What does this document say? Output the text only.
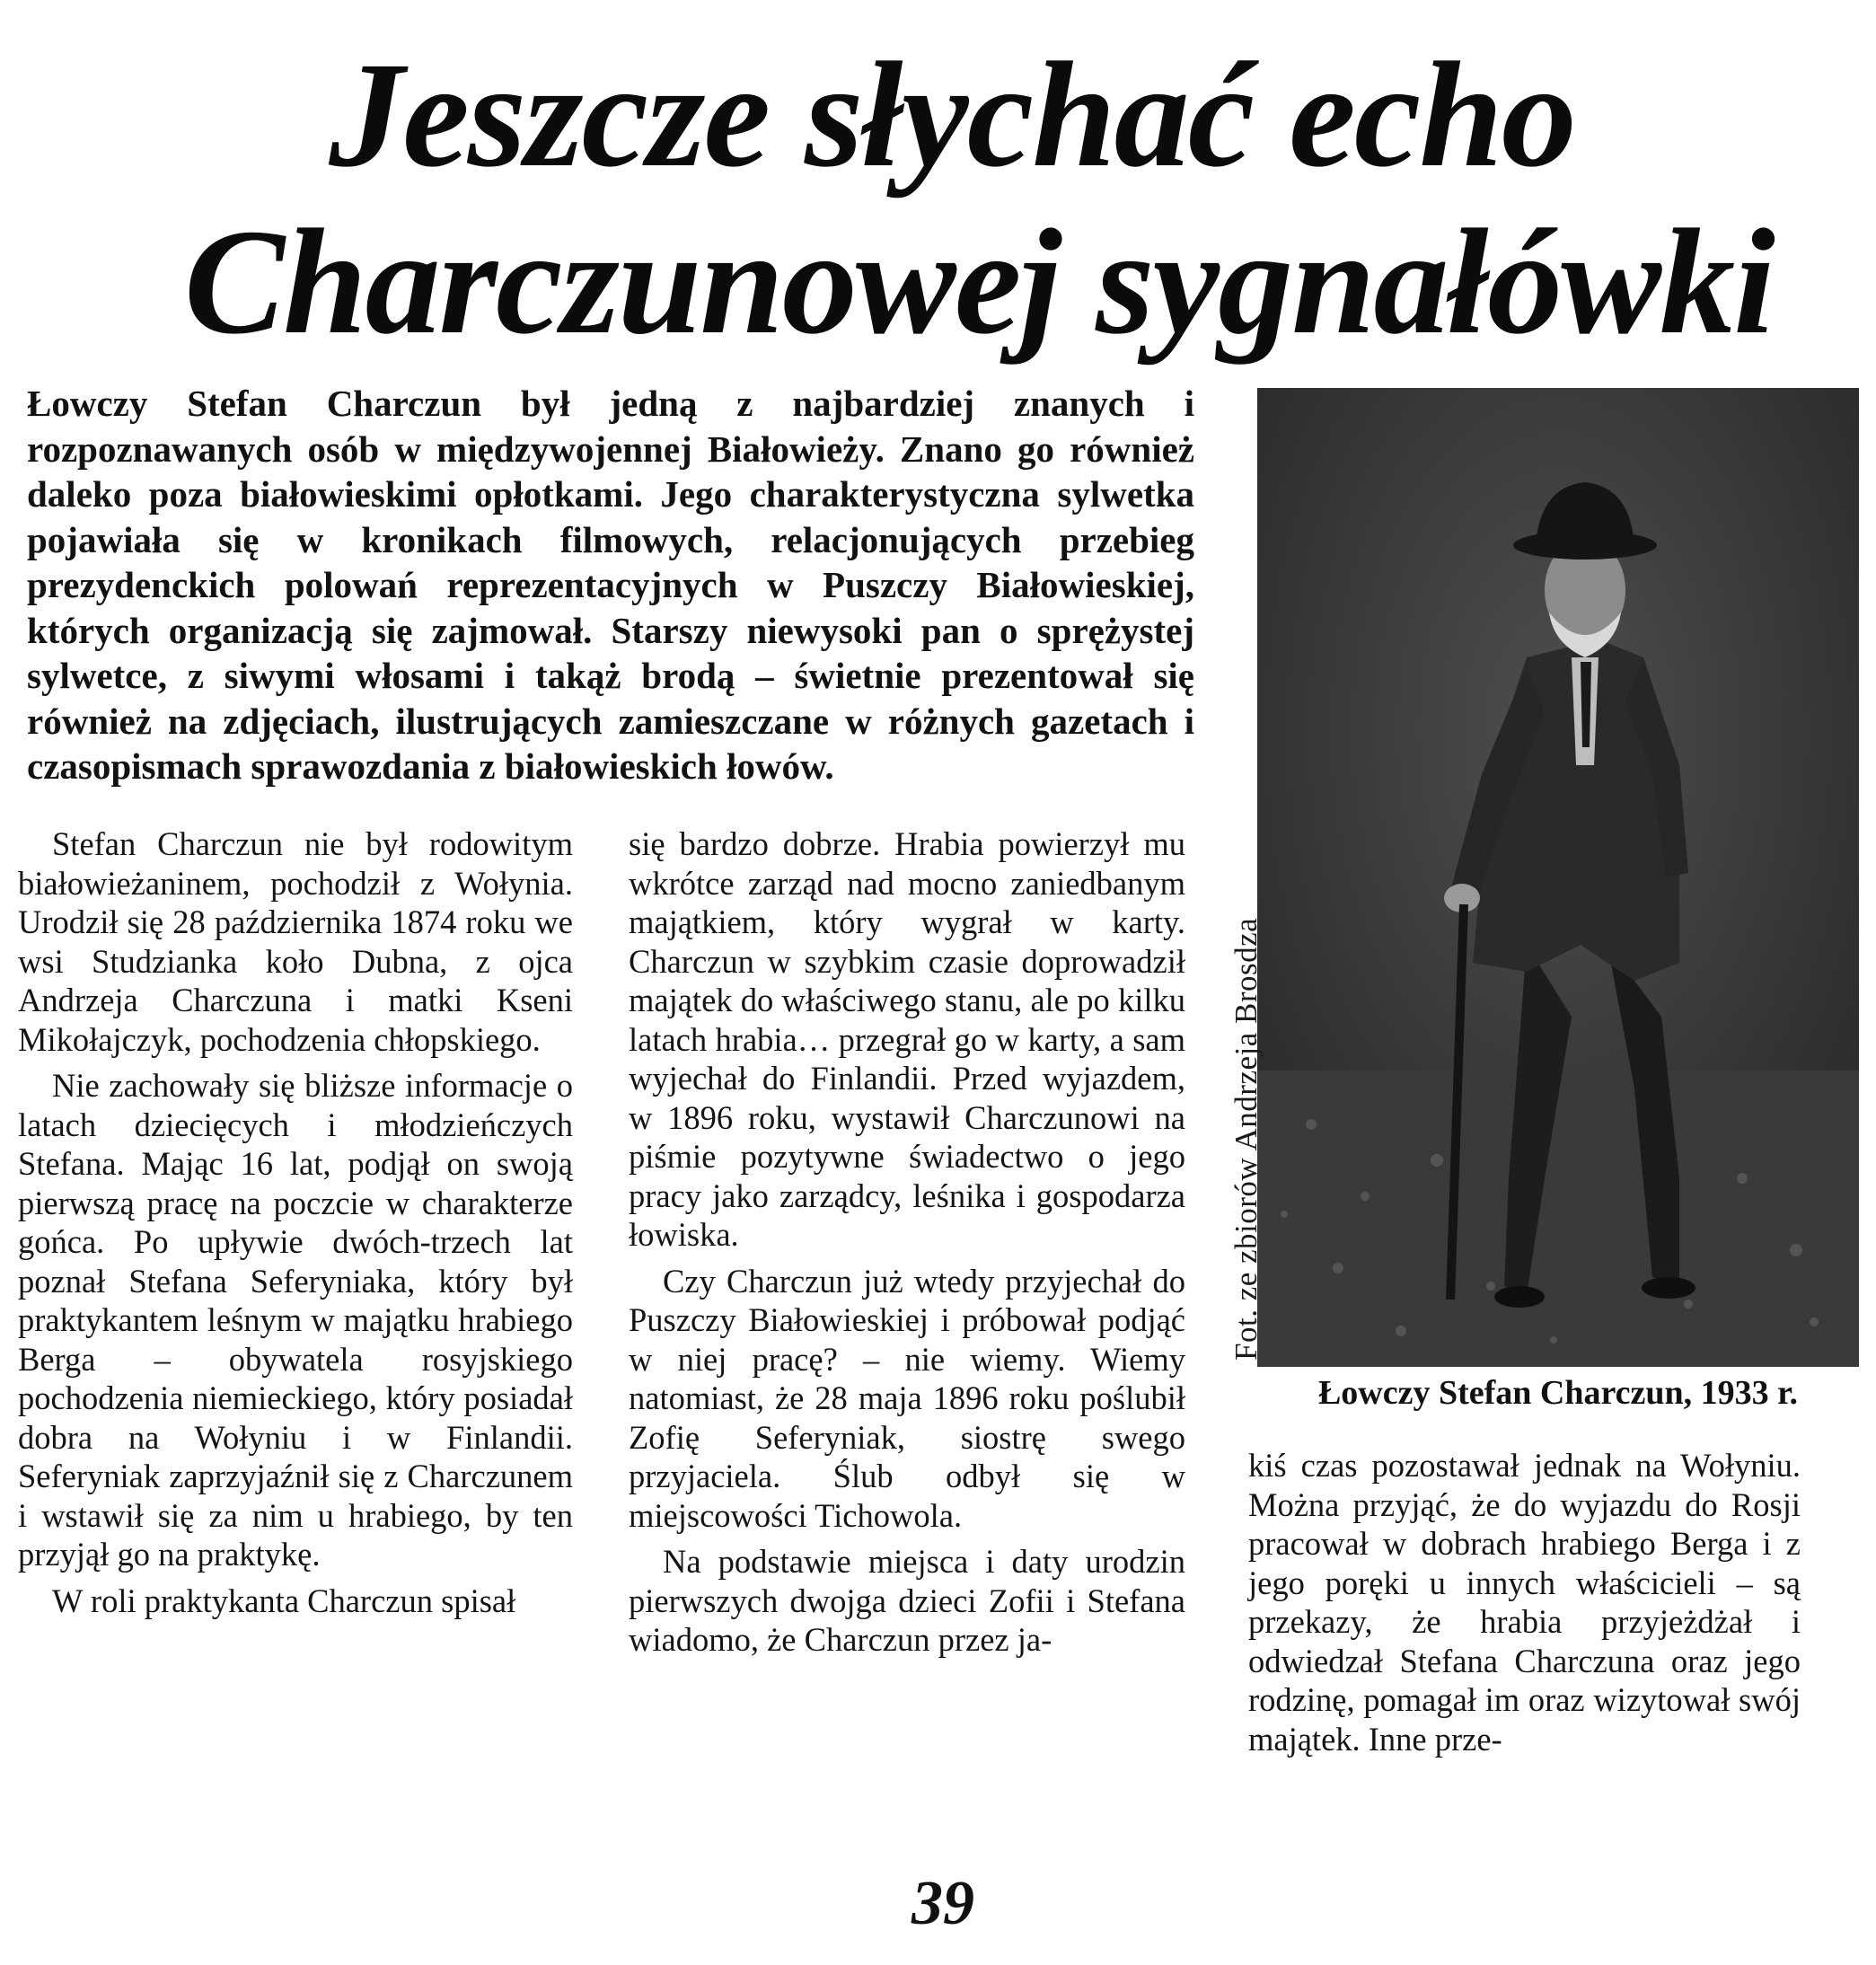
Jeszcze słychać echo
Charczunowej sygnałówki

Łowczy Stefan Charczun był jedną z najbardziej znanych i rozpoznawanych osób w międzywojennej Białowieży. Znano go również daleko poza białowieskimi opłotkami. Jego charakterystyczna sylwetka pojawiała się w kronikach filmowych, relacjonujących przebieg prezydenckich polowań reprezentacyjnych w Puszczy Białowieskiej, których organizacją się zajmował. Starszy niewysoki pan o sprężystej sylwetce, z siwymi włosami i takąż brodą – świetnie prezentował się również na zdjęciach, ilustrujących zamieszczane w różnych gazetach i czasopismach sprawozdania z białowieskich łowów.

Stefan Charczun nie był rodowitym białowieżaninem, pochodził z Wołynia. Urodził się 28 października 1874 roku we wsi Studzianka koło Dubna, z ojca Andrzeja Charczuna i matki Kseni Mikołajczyk, pochodzenia chłopskiego.

Nie zachowały się bliższe informacje o latach dziecięcych i młodzieńczych Stefana. Mając 16 lat, podjął on swoją pierwszą pracę na poczcie w charakterze gońca. Po upływie dwóch-trzech lat poznał Stefana Seferyniaka, który był praktykantem leśnym w majątku hrabiego Berga – obywatela rosyjskiego pochodzenia niemieckiego, który posiadał dobra na Wołyniu i w Finlandii. Seferyniak zaprzyjaźnił się z Charczunem i wstawił się za nim u hrabiego, by ten przyjął go na praktykę.

W roli praktykanta Charczun spisał

się bardzo dobrze. Hrabia powierzył mu wkrótce zarząd nad mocno zaniedbanym majątkiem, który wygrał w karty. Charczun w szybkim czasie doprowadził majątek do właściwego stanu, ale po kilku latach hrabia… przegrał go w karty, a sam wyjechał do Finlandii. Przed wyjazdem, w 1896 roku, wystawił Charczunowi na piśmie pozytywne świadectwo o jego pracy jako zarządcy, leśnika i gospodarza łowiska.

Czy Charczun już wtedy przyjechał do Puszczy Białowieskiej i próbował podjąć w niej pracę? – nie wiemy. Wiemy natomiast, że 28 maja 1896 roku poślubił Zofię Seferyniak, siostrę swego przyjaciela. Ślub odbył się w miejscowości Tichowola.

Na podstawie miejsca i daty urodzin pierwszych dwojga dzieci Zofii i Stefana wiadomo, że Charczun przez ja-

Fot. ze zbiorów Andrzeja Brosdza

Łowczy Stefan Charczun, 1933 r.

kiś czas pozostawał jednak na Wołyniu. Można przyjąć, że do wyjazdu do Rosji pracował w dobrach hrabiego Berga i z jego poręki u innych właścicieli – są przekazy, że hrabia przyjeżdżał i odwiedzał Stefana Charczuna oraz jego rodzinę, pomagał im oraz wizytował swój majątek. Inne prze-

39
